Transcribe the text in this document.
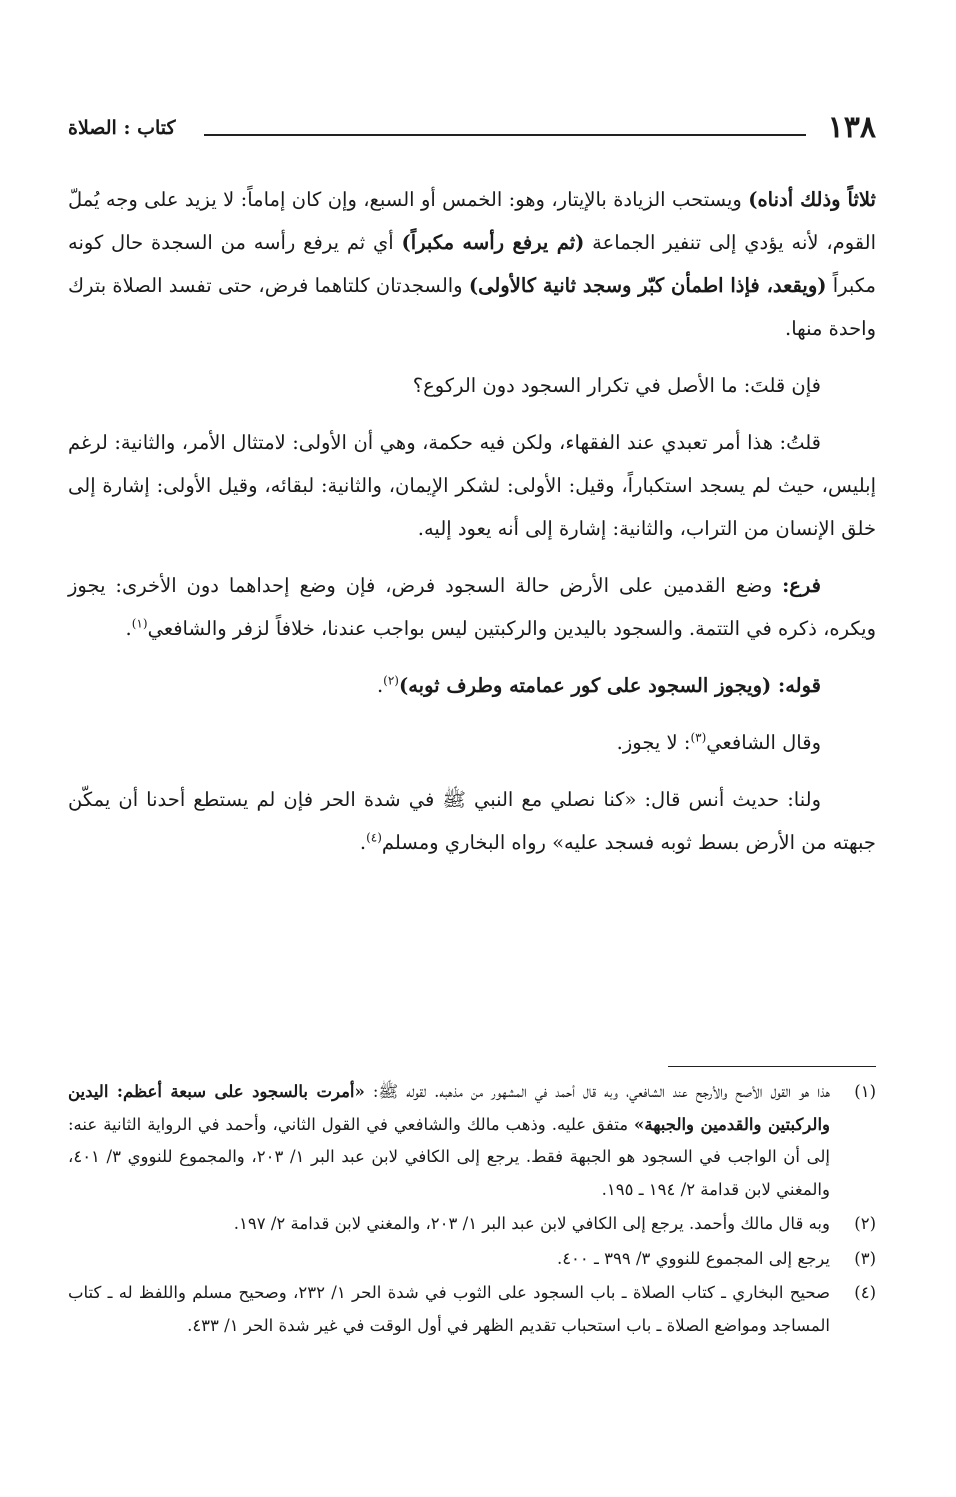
١٣٨
كتاب : الصلاة

ثلاثاً وذلك أدناه) ويستحب الزيادة بالإيتار، وهو: الخمس أو السبع، وإن كان إماماً: لا يزيد على وجه يُملّ القوم، لأنه يؤدي إلى تنفير الجماعة (ثم يرفع رأسه مكبراً) أي ثم يرفع رأسه من السجدة حال كونه مكبراً (ويقعد، فإذا اطمأن كبّر وسجد ثانية كالأولى) والسجدتان كلتاهما فرض، حتى تفسد الصلاة بترك واحدة منها.

فإن قلتَ: ما الأصل في تكرار السجود دون الركوع؟

قلتُ: هذا أمر تعبدي عند الفقهاء، ولكن فيه حكمة، وهي أن الأولى: لامتثال الأمر، والثانية: لرغم إبليس، حيث لم يسجد استكباراً، وقيل: الأولى: لشكر الإيمان، والثانية: لبقائه، وقيل الأولى: إشارة إلى خلق الإنسان من التراب، والثانية: إشارة إلى أنه يعود إليه.

فرع: وضع القدمين على الأرض حالة السجود فرض، فإن وضع إحداهما دون الأخرى: يجوز ويكره، ذكره في التتمة. والسجود باليدين والركبتين ليس بواجب عندنا، خلافاً لزفر والشافعي$^{(١)}$.

قوله: (ويجوز السجود على كور عمامته وطرف ثوبه)$^{(٢)}$.

وقال الشافعي$^{(٣)}$: لا يجوز.

ولنا: حديث أنس قال: «كنا نصلي مع النبي ﷺ في شدة الحر فإن لم يستطع أحدنا أن يمكّن جبهته من الأرض بسط ثوبه فسجد عليه» رواه البخاري ومسلم$^{(٤)}$.

(١)
هذا هو القول الأصح والأرجح عند الشافعي، وبه قال أحمد في المشهور من مذهبه. لقوله ﷺ: «أمرت بالسجود على سبعة أعظم: اليدين والركبتين والقدمين والجبهة» متفق عليه. وذهب مالك والشافعي في القول الثاني، وأحمد في الرواية الثانية عنه: إلى أن الواجب في السجود هو الجبهة فقط. يرجع إلى الكافي لابن عبد البر ١/ ٢٠٣، والمجموع للنووي ٣/ ٤٠١، والمغني لابن قدامة ٢/ ١٩٤ ـ ١٩٥.
(٢)
وبه قال مالك وأحمد. يرجع إلى الكافي لابن عبد البر ١/ ٢٠٣، والمغني لابن قدامة ٢/ ١٩٧.
(٣)
يرجع إلى المجموع للنووي ٣/ ٣٩٩ ـ ٤٠٠.
(٤)
صحيح البخاري ـ كتاب الصلاة ـ باب السجود على الثوب في شدة الحر ١/ ٢٣٢، وصحيح مسلم واللفظ له ـ كتاب المساجد ومواضع الصلاة ـ باب استحباب تقديم الظهر في أول الوقت في غير شدة الحر ١/ ٤٣٣.
